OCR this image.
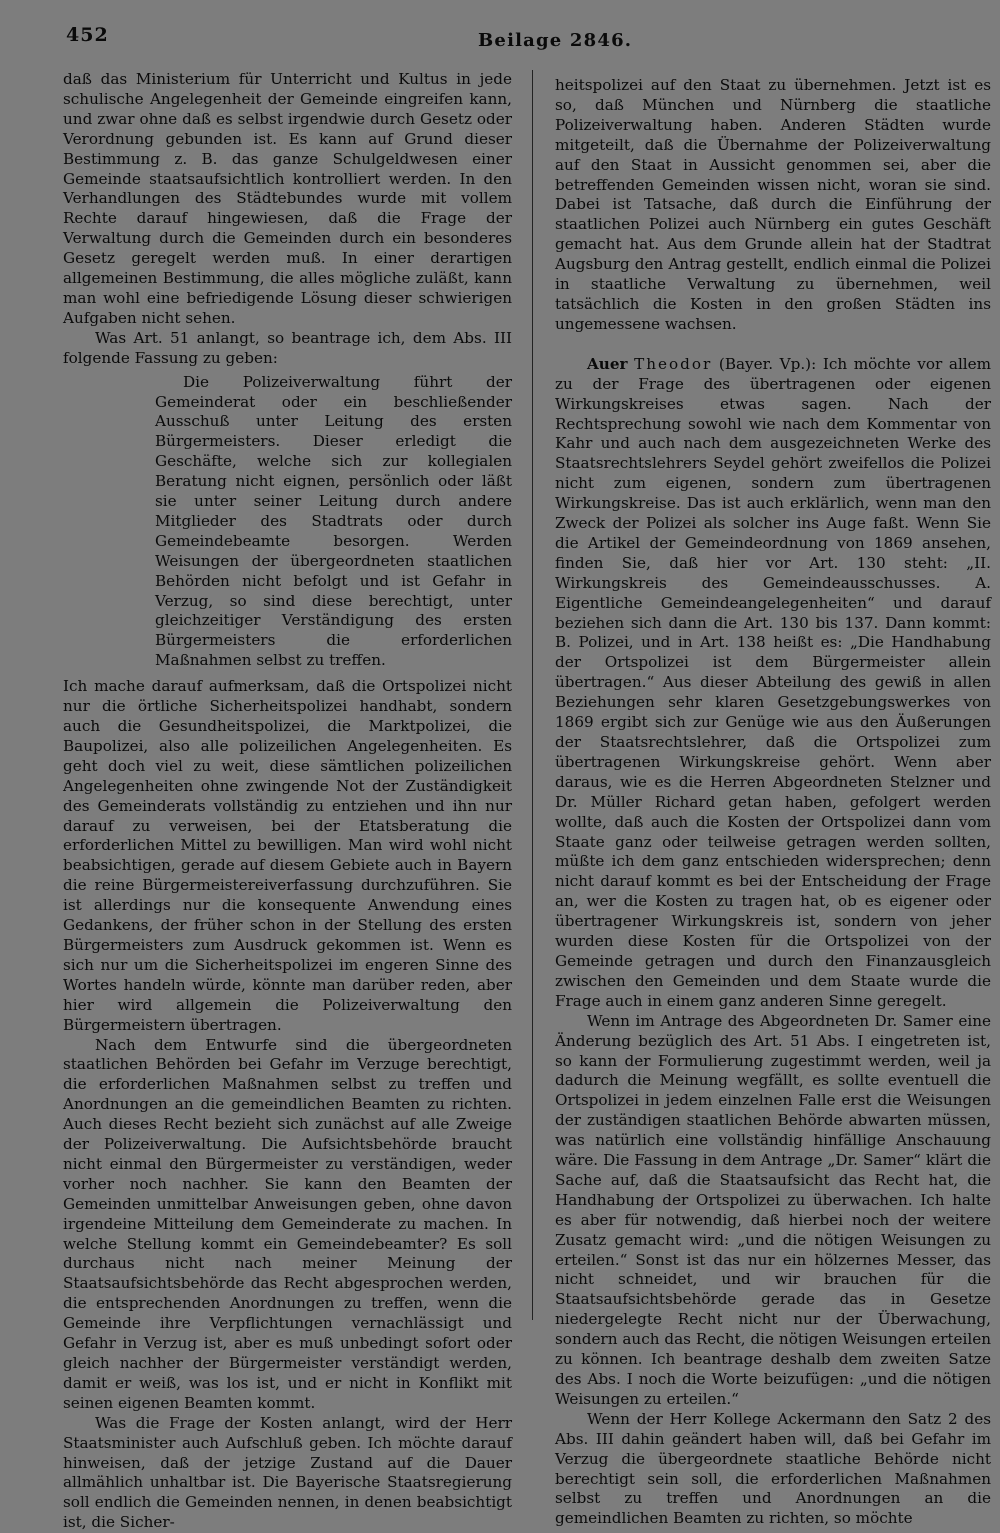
452	Beilage 2846.

daß das Ministerium für Unterricht und Kultus in jede schulische Angelegenheit der Gemeinde eingreifen kann, und zwar ohne daß es selbst irgendwie durch Gesetz oder Verordnung gebunden ist. Es kann auf Grund dieser Bestimmung z. B. das ganze Schulgeldwesen einer Gemeinde staatsaufsichtlich kontrolliert werden. In den Verhandlungen des Städtebundes wurde mit vollem Rechte darauf hingewiesen, daß die Frage der Verwaltung durch die Gemeinden durch ein besonderes Gesetz geregelt werden muß. In einer derartigen allgemeinen Bestimmung, die alles mögliche zuläßt, kann man wohl eine befriedigende Lösung dieser schwierigen Aufgaben nicht sehen.

Was Art. 51 anlangt, so beantrage ich, dem Abs. III folgende Fassung zu geben:

Die Polizeiverwaltung führt der Gemeinderat oder ein beschließender Ausschuß unter Leitung des ersten Bürgermeisters. Dieser erledigt die Geschäfte, welche sich zur kollegialen Beratung nicht eignen, persönlich oder läßt sie unter seiner Leitung durch andere Mitglieder des Stadtrats oder durch Gemeindebeamte besorgen. Werden Weisungen der übergeordneten staatlichen Behörden nicht befolgt und ist Gefahr in Verzug, so sind diese berechtigt, unter gleichzeitiger Verständigung des ersten Bürgermeisters die erforderlichen Maßnahmen selbst zu treffen.

Ich mache darauf aufmerksam, daß die Ortspolizei nicht nur die örtliche Sicherheitspolizei handhabt, sondern auch die Gesundheitspolizei, die Marktpolizei, die Baupolizei, also alle polizeilichen Angelegenheiten. Es geht doch viel zu weit, diese sämtlichen polizeilichen Angelegenheiten ohne zwingende Not der Zuständigkeit des Gemeinderats vollständig zu entziehen und ihn nur darauf zu verweisen, bei der Etatsberatung die erforderlichen Mittel zu bewilligen. Man wird wohl nicht beabsichtigen, gerade auf diesem Gebiete auch in Bayern die reine Bürgermeistereiverfassung durchzuführen. Sie ist allerdings nur die konsequente Anwendung eines Gedankens, der früher schon in der Stellung des ersten Bürgermeisters zum Ausdruck gekommen ist. Wenn es sich nur um die Sicherheitspolizei im engeren Sinne des Wortes handeln würde, könnte man darüber reden, aber hier wird allgemein die Polizeiverwaltung den Bürgermeistern übertragen.

Nach dem Entwurfe sind die übergeordneten staatlichen Behörden bei Gefahr im Verzuge berechtigt, die erforderlichen Maßnahmen selbst zu treffen und Anordnungen an die gemeindlichen Beamten zu richten. Auch dieses Recht bezieht sich zunächst auf alle Zweige der Polizeiverwaltung. Die Aufsichtsbehörde braucht nicht einmal den Bürgermeister zu verständigen, weder vorher noch nachher. Sie kann den Beamten der Gemeinden unmittelbar Anweisungen geben, ohne davon irgendeine Mitteilung dem Gemeinderate zu machen. In welche Stellung kommt ein Gemeindebeamter? Es soll durchaus nicht nach meiner Meinung der Staatsaufsichtsbehörde das Recht abgesprochen werden, die entsprechenden Anordnungen zu treffen, wenn die Gemeinde ihre Verpflichtungen vernachlässigt und Gefahr in Verzug ist, aber es muß unbedingt sofort oder gleich nachher der Bürgermeister verständigt werden, damit er weiß, was los ist, und er nicht in Konflikt mit seinen eigenen Beamten kommt.

Was die Frage der Kosten anlangt, wird der Herr Staatsminister auch Aufschluß geben. Ich möchte darauf hinweisen, daß der jetzige Zustand auf die Dauer allmählich unhaltbar ist. Die Bayerische Staatsregierung soll endlich die Gemeinden nennen, in denen beabsichtigt ist, die Sicher-

heitspolizei auf den Staat zu übernehmen. Jetzt ist es so, daß München und Nürnberg die staatliche Polizeiverwaltung haben. Anderen Städten wurde mitgeteilt, daß die Übernahme der Polizeiverwaltung auf den Staat in Aussicht genommen sei, aber die betreffenden Gemeinden wissen nicht, woran sie sind. Dabei ist Tatsache, daß durch die Einführung der staatlichen Polizei auch Nürnberg ein gutes Geschäft gemacht hat. Aus dem Grunde allein hat der Stadtrat Augsburg den Antrag gestellt, endlich einmal die Polizei in staatliche Verwaltung zu übernehmen, weil tatsächlich die Kosten in den großen Städten ins ungemessene wachsen.

Auer Theodor (Bayer. Vp.): Ich möchte vor allem zu der Frage des übertragenen oder eigenen Wirkungskreises etwas sagen. Nach der Rechtsprechung sowohl wie nach dem Kommentar von Kahr und auch nach dem ausgezeichneten Werke des Staatsrechtslehrers Seydel gehört zweifellos die Polizei nicht zum eigenen, sondern zum übertragenen Wirkungskreise. Das ist auch erklärlich, wenn man den Zweck der Polizei als solcher ins Auge faßt. Wenn Sie die Artikel der Gemeindeordnung von 1869 ansehen, finden Sie, daß hier vor Art. 130 steht: „II. Wirkungskreis des Gemeindeausschusses. A. Eigentliche Gemeindeangelegenheiten“ und darauf beziehen sich dann die Art. 130 bis 137. Dann kommt: B. Polizei, und in Art. 138 heißt es: „Die Handhabung der Ortspolizei ist dem Bürgermeister allein übertragen.“ Aus dieser Abteilung des gewiß in allen Beziehungen sehr klaren Gesetzgebungswerkes von 1869 ergibt sich zur Genüge wie aus den Äußerungen der Staatsrechtslehrer, daß die Ortspolizei zum übertragenen Wirkungskreise gehört. Wenn aber daraus, wie es die Herren Abgeordneten Stelzner und Dr. Müller Richard getan haben, gefolgert werden wollte, daß auch die Kosten der Ortspolizei dann vom Staate ganz oder teilweise getragen werden sollten, müßte ich dem ganz entschieden widersprechen; denn nicht darauf kommt es bei der Entscheidung der Frage an, wer die Kosten zu tragen hat, ob es eigener oder übertragener Wirkungskreis ist, sondern von jeher wurden diese Kosten für die Ortspolizei von der Gemeinde getragen und durch den Finanzausgleich zwischen den Gemeinden und dem Staate wurde die Frage auch in einem ganz anderen Sinne geregelt.

Wenn im Antrage des Abgeordneten Dr. Samer eine Änderung bezüglich des Art. 51 Abs. I eingetreten ist, so kann der Formulierung zugestimmt werden, weil ja dadurch die Meinung wegfällt, es sollte eventuell die Ortspolizei in jedem einzelnen Falle erst die Weisungen der zuständigen staatlichen Behörde abwarten müssen, was natürlich eine vollständig hinfällige Anschauung wäre. Die Fassung in dem Antrage „Dr. Samer“ klärt die Sache auf, daß die Staatsaufsicht das Recht hat, die Handhabung der Ortspolizei zu überwachen. Ich halte es aber für notwendig, daß hierbei noch der weitere Zusatz gemacht wird: „und die nötigen Weisungen zu erteilen.“ Sonst ist das nur ein hölzernes Messer, das nicht schneidet, und wir brauchen für die Staatsaufsichtsbehörde gerade das in Gesetze niedergelegte Recht nicht nur der Überwachung, sondern auch das Recht, die nötigen Weisungen erteilen zu können. Ich beantrage deshalb dem zweiten Satze des Abs. I noch die Worte beizufügen: „und die nötigen Weisungen zu erteilen.“

Wenn der Herr Kollege Ackermann den Satz 2 des Abs. III dahin geändert haben will, daß bei Gefahr im Verzug die übergeordnete staatliche Behörde nicht berechtigt sein soll, die erforderlichen Maßnahmen selbst zu treffen und Anordnungen an die gemeindlichen Beamten zu richten, so möchte
